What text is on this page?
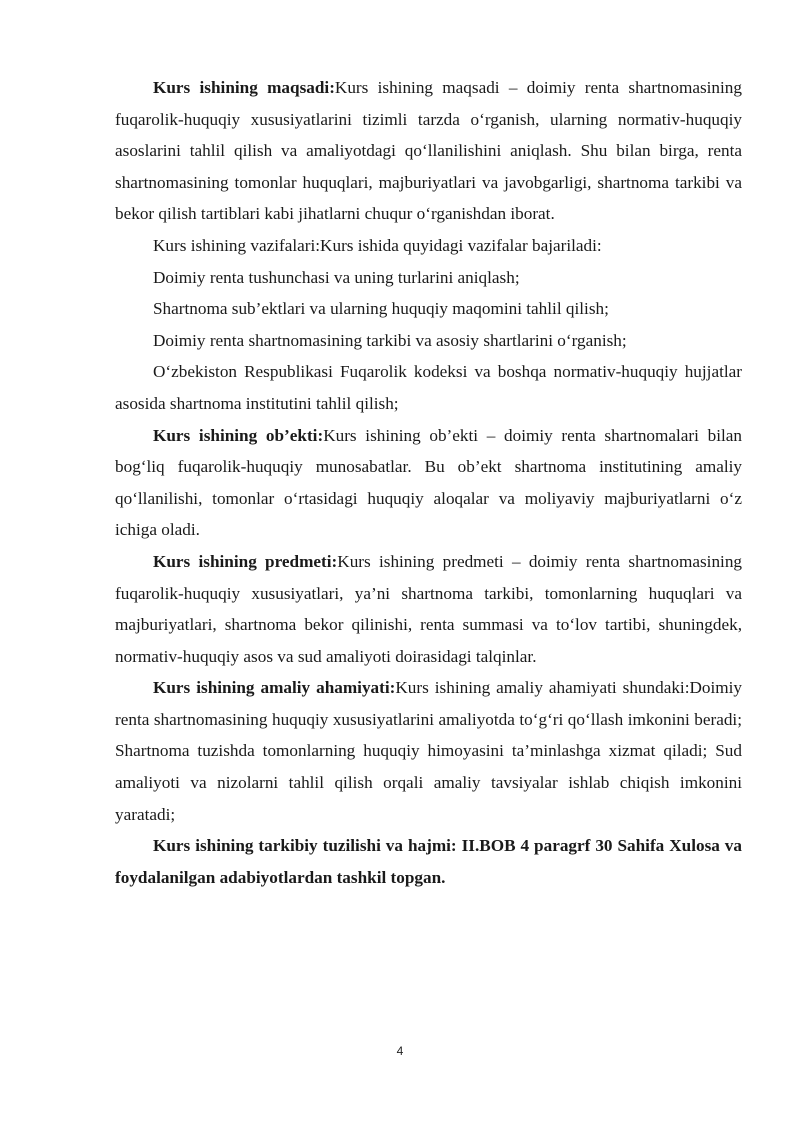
Kurs ishining maqsadi:Kurs ishining maqsadi – doimiy renta shartnomasining fuqarolik-huquqiy xususiyatlarini tizimli tarzda o‘rganish, ularning normativ-huquqiy asoslarini tahlil qilish va amaliyotdagi qo‘llanilishini aniqlash. Shu bilan birga, renta shartnomasining tomonlar huquqlari, majburiyatlari va javobgarligi, shartnoma tarkibi va bekor qilish tartiblari kabi jihatlarni chuqur o‘rganishdan iborat.

Kurs ishining vazifalari:Kurs ishida quyidagi vazifalar bajariladi:

Doimiy renta tushunchasi va uning turlarini aniqlash;

Shartnoma sub’ektlari va ularning huquqiy maqomini tahlil qilish;

Doimiy renta shartnomasining tarkibi va asosiy shartlarini o‘rganish;

O‘zbekiston Respublikasi Fuqarolik kodeksi va boshqa normativ-huquqiy hujjatlar asosida shartnoma institutini tahlil qilish;

Kurs ishining ob’ekti:Kurs ishining ob’ekti – doimiy renta shartnomalari bilan bog‘liq fuqarolik-huquqiy munosabatlar. Bu ob’ekt shartnoma institutining amaliy qo‘llanilishi, tomonlar o‘rtasidagi huquqiy aloqalar va moliyaviy majburiyatlarni o‘z ichiga oladi.

Kurs ishining predmeti:Kurs ishining predmeti – doimiy renta shartnomasining fuqarolik-huquqiy xususiyatlari, ya’ni shartnoma tarkibi, tomonlarning huquqlari va majburiyatlari, shartnoma bekor qilinishi, renta summasi va to‘lov tartibi, shuningdek, normativ-huquqiy asos va sud amaliyoti doirasidagi talqinlar.

Kurs ishining amaliy ahamiyati:Kurs ishining amaliy ahamiyati shundaki:Doimiy renta shartnomasining huquqiy xususiyatlarini amaliyotda to‘g‘ri qo‘llash imkonini beradi; Shartnoma tuzishda tomonlarning huquqiy himoyasini ta’minlashga xizmat qiladi; Sud amaliyoti va nizolarni tahlil qilish orqali amaliy tavsiyalar ishlab chiqish imkonini yaratadi;

Kurs ishining tarkibiy tuzilishi va hajmi: II.BOB 4 paragrf 30 Sahifa Xulosa va foydalanilgan adabiyotlardan tashkil topgan.

4
